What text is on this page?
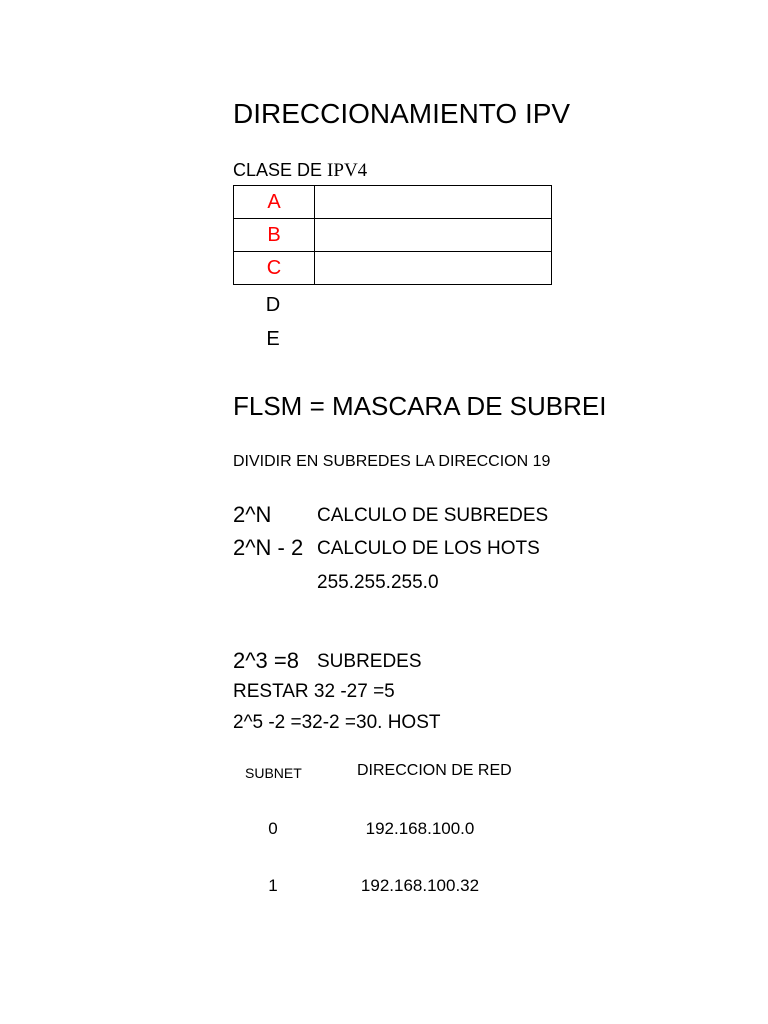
DIRECCIONAMIENTO IPV
CLASE DE IPV4
A	
B	
C	
D
E
FLSM = MASCARA DE SUBREI
DIVIDIR EN SUBREDES LA DIRECCION 19
2^N CALCULO DE SUBREDES
2^N - 2 CALCULO DE LOS HOTS
255.255.255.0
2^3 =8 SUBREDES
RESTAR 32 -27 =5
2^5 -2 =32-2 =30. HOST
SUBNET	DIRECCION DE RED
0	192.168.100.0
1	192.168.100.32
